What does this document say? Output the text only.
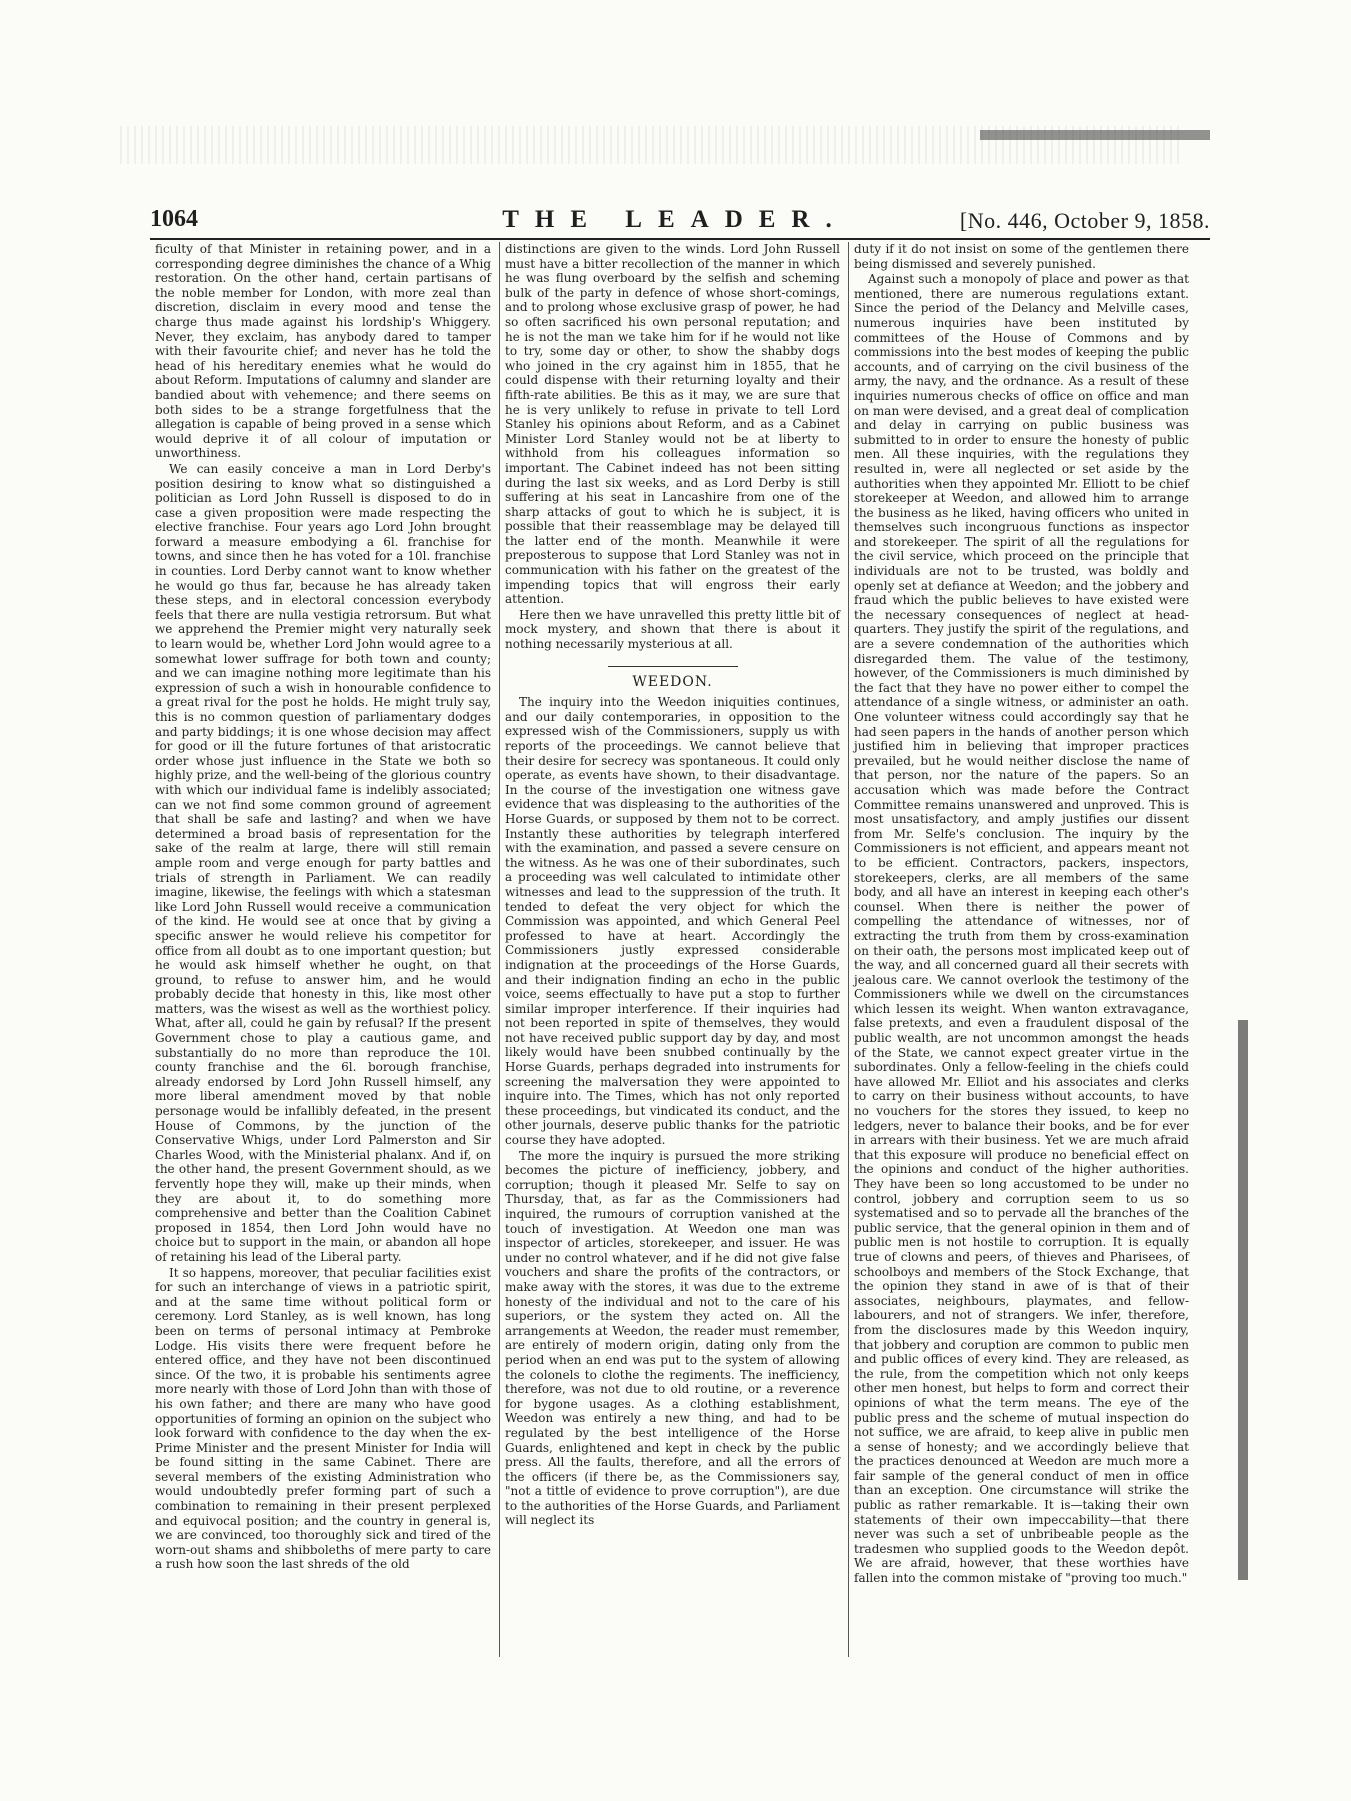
1064	THE LEADER.	[No. 446, October 9, 1858.

ficulty of that Minister in retaining power, and in a corresponding degree diminishes the chance of a Whig restoration. On the other hand, certain partisans of the noble member for London, with more zeal than discretion, disclaim in every mood and tense the charge thus made against his lordship's Whiggery. Never, they exclaim, has anybody dared to tamper with their favourite chief; and never has he told the head of his hereditary enemies what he would do about Reform. Imputations of calumny and slander are bandied about with vehemence; and there seems on both sides to be a strange forgetfulness that the allegation is capable of being proved in a sense which would deprive it of all colour of imputation or unworthiness.

We can easily conceive a man in Lord Derby's position desiring to know what so distinguished a politician as Lord John Russell is disposed to do in case a given proposition were made respecting the elective franchise. Four years ago Lord John brought forward a measure embodying a 6l. franchise for towns, and since then he has voted for a 10l. franchise in counties. Lord Derby cannot want to know whether he would go thus far, because he has already taken these steps, and in electoral concession everybody feels that there are nulla vestigia retrorsum. But what we apprehend the Premier might very naturally seek to learn would be, whether Lord John would agree to a somewhat lower suffrage for both town and county; and we can imagine nothing more legitimate than his expression of such a wish in honourable confidence to a great rival for the post he holds. He might truly say, this is no common question of parliamentary dodges and party biddings; it is one whose decision may affect for good or ill the future fortunes of that aristocratic order whose just influence in the State we both so highly prize, and the well-being of the glorious country with which our individual fame is indelibly associated; can we not find some common ground of agreement that shall be safe and lasting? and when we have determined a broad basis of representation for the sake of the realm at large, there will still remain ample room and verge enough for party battles and trials of strength in Parliament. We can readily imagine, likewise, the feelings with which a statesman like Lord John Russell would receive a communication of the kind. He would see at once that by giving a specific answer he would relieve his competitor for office from all doubt as to one important question; but he would ask himself whether he ought, on that ground, to refuse to answer him, and he would probably decide that honesty in this, like most other matters, was the wisest as well as the worthiest policy. What, after all, could he gain by refusal? If the present Government chose to play a cautious game, and substantially do no more than reproduce the 10l. county franchise and the 6l. borough franchise, already endorsed by Lord John Russell himself, any more liberal amendment moved by that noble personage would be infallibly defeated, in the present House of Commons, by the junction of the Conservative Whigs, under Lord Palmerston and Sir Charles Wood, with the Ministerial phalanx. And if, on the other hand, the present Government should, as we fervently hope they will, make up their minds, when they are about it, to do something more comprehensive and better than the Coalition Cabinet proposed in 1854, then Lord John would have no choice but to support in the main, or abandon all hope of retaining his lead of the Liberal party.

It so happens, moreover, that peculiar facilities exist for such an interchange of views in a patriotic spirit, and at the same time without political form or ceremony. Lord Stanley, as is well known, has long been on terms of personal intimacy at Pembroke Lodge. His visits there were frequent before he entered office, and they have not been discontinued since. Of the two, it is probable his sentiments agree more nearly with those of Lord John than with those of his own father; and there are many who have good opportunities of forming an opinion on the subject who look forward with confidence to the day when the ex-Prime Minister and the present Minister for India will be found sitting in the same Cabinet. There are several members of the existing Administration who would undoubtedly prefer forming part of such a combination to remaining in their present perplexed and equivocal position; and the country in general is, we are convinced, too thoroughly sick and tired of the worn-out shams and shibboleths of mere party to care a rush how soon the last shreds of the old

distinctions are given to the winds. Lord John Russell must have a bitter recollection of the manner in which he was flung overboard by the selfish and scheming bulk of the party in defence of whose short-comings, and to prolong whose exclusive grasp of power, he had so often sacrificed his own personal reputation; and he is not the man we take him for if he would not like to try, some day or other, to show the shabby dogs who joined in the cry against him in 1855, that he could dispense with their returning loyalty and their fifth-rate abilities. Be this as it may, we are sure that he is very unlikely to refuse in private to tell Lord Stanley his opinions about Reform, and as a Cabinet Minister Lord Stanley would not be at liberty to withhold from his colleagues information so important. The Cabinet indeed has not been sitting during the last six weeks, and as Lord Derby is still suffering at his seat in Lancashire from one of the sharp attacks of gout to which he is subject, it is possible that their reassemblage may be delayed till the latter end of the month. Meanwhile it were preposterous to suppose that Lord Stanley was not in communication with his father on the greatest of the impending topics that will engross their early attention.

Here then we have unravelled this pretty little bit of mock mystery, and shown that there is about it nothing necessarily mysterious at all.

WEEDON.

The inquiry into the Weedon iniquities continues, and our daily contemporaries, in opposition to the expressed wish of the Commissioners, supply us with reports of the proceedings. We cannot believe that their desire for secrecy was spontaneous. It could only operate, as events have shown, to their disadvantage. In the course of the investigation one witness gave evidence that was displeasing to the authorities of the Horse Guards, or supposed by them not to be correct. Instantly these authorities by telegraph interfered with the examination, and passed a severe censure on the witness. As he was one of their subordinates, such a proceeding was well calculated to intimidate other witnesses and lead to the suppression of the truth. It tended to defeat the very object for which the Commission was appointed, and which General Peel professed to have at heart. Accordingly the Commissioners justly expressed considerable indignation at the proceedings of the Horse Guards, and their indignation finding an echo in the public voice, seems effectually to have put a stop to further similar improper interference. If their inquiries had not been reported in spite of themselves, they would not have received public support day by day, and most likely would have been snubbed continually by the Horse Guards, perhaps degraded into instruments for screening the malversation they were appointed to inquire into. The Times, which has not only reported these proceedings, but vindicated its conduct, and the other journals, deserve public thanks for the patriotic course they have adopted.

The more the inquiry is pursued the more striking becomes the picture of inefficiency, jobbery, and corruption; though it pleased Mr. Selfe to say on Thursday, that, as far as the Commissioners had inquired, the rumours of corruption vanished at the touch of investigation. At Weedon one man was inspector of articles, storekeeper, and issuer. He was under no control whatever, and if he did not give false vouchers and share the profits of the contractors, or make away with the stores, it was due to the extreme honesty of the individual and not to the care of his superiors, or the system they acted on. All the arrangements at Weedon, the reader must remember, are entirely of modern origin, dating only from the period when an end was put to the system of allowing the colonels to clothe the regiments. The inefficiency, therefore, was not due to old routine, or a reverence for bygone usages. As a clothing establishment, Weedon was entirely a new thing, and had to be regulated by the best intelligence of the Horse Guards, enlightened and kept in check by the public press. All the faults, therefore, and all the errors of the officers (if there be, as the Commissioners say, "not a tittle of evidence to prove corruption"), are due to the authorities of the Horse Guards, and Parliament will neglect its

duty if it do not insist on some of the gentlemen there being dismissed and severely punished.

Against such a monopoly of place and power as that mentioned, there are numerous regulations extant. Since the period of the Delancy and Melville cases, numerous inquiries have been instituted by committees of the House of Commons and by commissions into the best modes of keeping the public accounts, and of carrying on the civil business of the army, the navy, and the ordnance. As a result of these inquiries numerous checks of office on office and man on man were devised, and a great deal of complication and delay in carrying on public business was submitted to in order to ensure the honesty of public men. All these inquiries, with the regulations they resulted in, were all neglected or set aside by the authorities when they appointed Mr. Elliott to be chief storekeeper at Weedon, and allowed him to arrange the business as he liked, having officers who united in themselves such incongruous functions as inspector and storekeeper. The spirit of all the regulations for the civil service, which proceed on the principle that individuals are not to be trusted, was boldly and openly set at defiance at Weedon; and the jobbery and fraud which the public believes to have existed were the necessary consequences of neglect at head-quarters. They justify the spirit of the regulations, and are a severe condemnation of the authorities which disregarded them. The value of the testimony, however, of the Commissioners is much diminished by the fact that they have no power either to compel the attendance of a single witness, or administer an oath. One volunteer witness could accordingly say that he had seen papers in the hands of another person which justified him in believing that improper practices prevailed, but he would neither disclose the name of that person, nor the nature of the papers. So an accusation which was made before the Contract Committee remains unanswered and unproved. This is most unsatisfactory, and amply justifies our dissent from Mr. Selfe's conclusion. The inquiry by the Commissioners is not efficient, and appears meant not to be efficient. Contractors, packers, inspectors, storekeepers, clerks, are all members of the same body, and all have an interest in keeping each other's counsel. When there is neither the power of compelling the attendance of witnesses, nor of extracting the truth from them by cross-examination on their oath, the persons most implicated keep out of the way, and all concerned guard all their secrets with jealous care. We cannot overlook the testimony of the Commissioners while we dwell on the circumstances which lessen its weight. When wanton extravagance, false pretexts, and even a fraudulent disposal of the public wealth, are not uncommon amongst the heads of the State, we cannot expect greater virtue in the subordinates. Only a fellow-feeling in the chiefs could have allowed Mr. Elliot and his associates and clerks to carry on their business without accounts, to have no vouchers for the stores they issued, to keep no ledgers, never to balance their books, and be for ever in arrears with their business. Yet we are much afraid that this exposure will produce no beneficial effect on the opinions and conduct of the higher authorities. They have been so long accustomed to be under no control, jobbery and corruption seem to us so systematised and so to pervade all the branches of the public service, that the general opinion in them and of public men is not hostile to corruption. It is equally true of clowns and peers, of thieves and Pharisees, of schoolboys and members of the Stock Exchange, that the opinion they stand in awe of is that of their associates, neighbours, playmates, and fellow-labourers, and not of strangers. We infer, therefore, from the disclosures made by this Weedon inquiry, that jobbery and coruption are common to public men and public offices of every kind. They are released, as the rule, from the competition which not only keeps other men honest, but helps to form and correct their opinions of what the term means. The eye of the public press and the scheme of mutual inspection do not suffice, we are afraid, to keep alive in public men a sense of honesty; and we accordingly believe that the practices denounced at Weedon are much more a fair sample of the general conduct of men in office than an exception. One circumstance will strike the public as rather remarkable. It is—taking their own statements of their own impeccability—that there never was such a set of unbribeable people as the tradesmen who supplied goods to the Weedon depôt. We are afraid, however, that these worthies have fallen into the common mistake of "proving too much."
